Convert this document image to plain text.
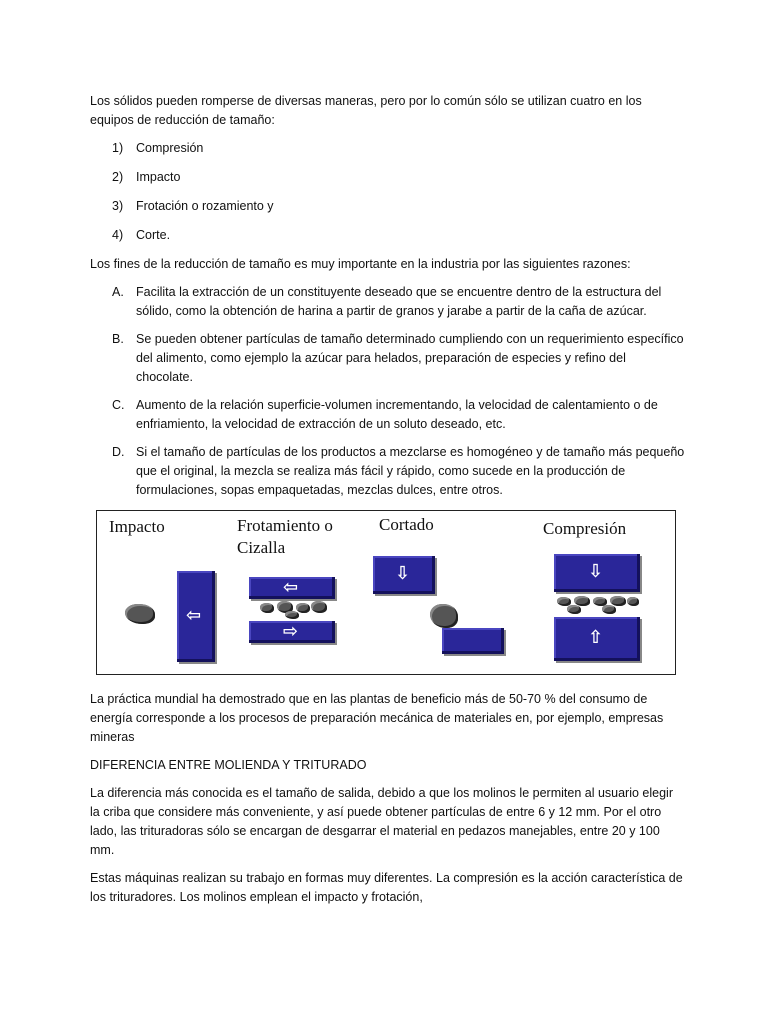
Los sólidos pueden romperse de diversas maneras, pero por lo común sólo se utilizan cuatro en los equipos de reducción de tamaño:

1)	Compresión
2)	Impacto
3)	Frotación o rozamiento y
4)	Corte.

Los fines de la reducción de tamaño es muy importante en la industria por las siguientes razones:

A. Facilita la extracción de un constituyente deseado que se encuentre dentro de la estructura del sólido, como la obtención de harina a partir de granos y jarabe a partir de la caña de azúcar.
B. Se pueden obtener partículas de tamaño determinado cumpliendo con un requerimiento específico del alimento, como ejemplo la azúcar para helados, preparación de especies y refino del chocolate.
C. Aumento de la relación superficie-volumen incrementando, la velocidad de calentamiento o de enfriamiento, la velocidad de extracción de un soluto deseado, etc.
D. Si el tamaño de partículas de los productos a mezclarse es homogéneo y de tamaño más pequeño que el original, la mezcla se realiza más fácil y rápido, como sucede en la producción de formulaciones, sopas empaquetadas, mezclas dulces, entre otros.
Impacto
⇦
Frotamiento o
Cizalla
⇦
⇨
Cortado
⇩
Compresión
⇩
⇧

La práctica mundial ha demostrado que en las plantas de beneficio más de 50-70 % del consumo de energía corresponde a los procesos de preparación mecánica de materiales en, por ejemplo, empresas mineras

DIFERENCIA ENTRE MOLIENDA Y TRITURADO

La diferencia más conocida es el tamaño de salida, debido a que los molinos le permiten al usuario elegir la criba que considere más conveniente, y así puede obtener partículas de entre 6 y 12 mm. Por el otro lado, las trituradoras sólo se encargan de desgarrar el material en pedazos manejables, entre 20 y 100 mm.

Estas máquinas realizan su trabajo en formas muy diferentes. La compresión es la acción característica de los trituradores. Los molinos emplean el impacto y frotación,
